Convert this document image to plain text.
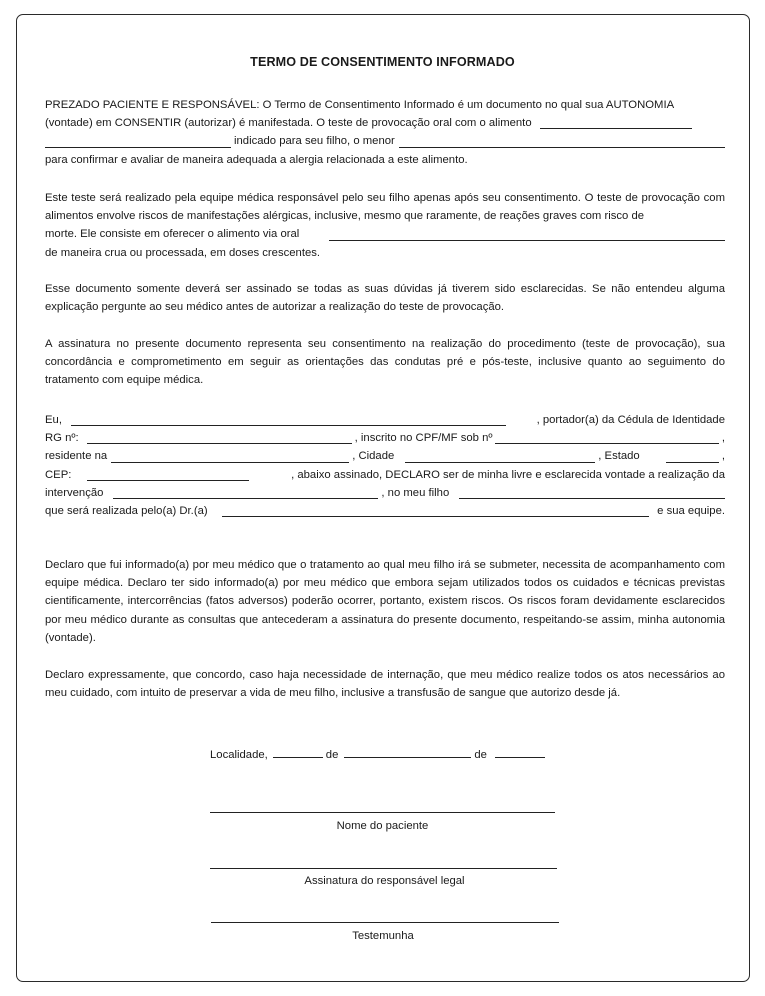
TERMO DE CONSENTIMENTO INFORMADO
PREZADO PACIENTE E RESPONSÁVEL: O Termo de Consentimento Informado é um documento no qual sua AUTONOMIA
(vontade) em CONSENTIR (autorizar) é manifestada. O teste de provocação oral com o alimento
indicado para seu filho, o menor
para confirmar e avaliar de maneira adequada a alergia relacionada a este alimento.

Este teste será realizado pela equipe médica responsável pelo seu filho apenas após seu consentimento. O teste de provocação com alimentos envolve riscos de manifestações alérgicas, inclusive, mesmo que raramente, de reações graves com risco de

morte. Ele consiste em oferecer o alimento via oral
de maneira crua ou processada, em doses crescentes.

Esse documento somente deverá ser assinado se todas as suas dúvidas já tiverem sido esclarecidas. Se não entendeu alguma explicação pergunte ao seu médico antes de autorizar a realização do teste de provocação.

A assinatura no presente documento representa seu consentimento na realização do procedimento (teste de provocação), sua concordância e comprometimento em seguir as orientações das condutas pré e pós-teste, inclusive quanto ao seguimento do tratamento com equipe médica.

Eu,	, portador(a) da Cédula de Identidade
RG nº:	, inscrito no CPF/MF sob nº	,
residente na	, Cidade	, Estado	,
CEP:	, abaixo assinado, DECLARO ser de minha livre e esclarecida vontade a realização da
intervenção	, no meu filho
que será realizada pelo(a) Dr.(a)	e sua equipe.

Declaro que fui informado(a) por meu médico que o tratamento ao qual meu filho irá se submeter, necessita de acompanhamento com equipe médica. Declaro ter sido informado(a) por meu médico que embora sejam utilizados todos os cuidados e técnicas previstas cientificamente, intercorrências (fatos adversos) poderão ocorrer, portanto, existem riscos. Os riscos foram devidamente esclarecidos por meu médico durante as consultas que antecederam a assinatura do presente documento, respeitando-se assim, minha autonomia (vontade).

Declaro expressamente, que concordo, caso haja necessidade de internação, que meu médico realize todos os atos necessários ao meu cuidado, com intuito de preservar a vida de meu filho, inclusive a transfusão de sangue que autorizo desde já.

Localidade,	de	de
Nome do paciente
Assinatura do responsável legal
Testemunha
